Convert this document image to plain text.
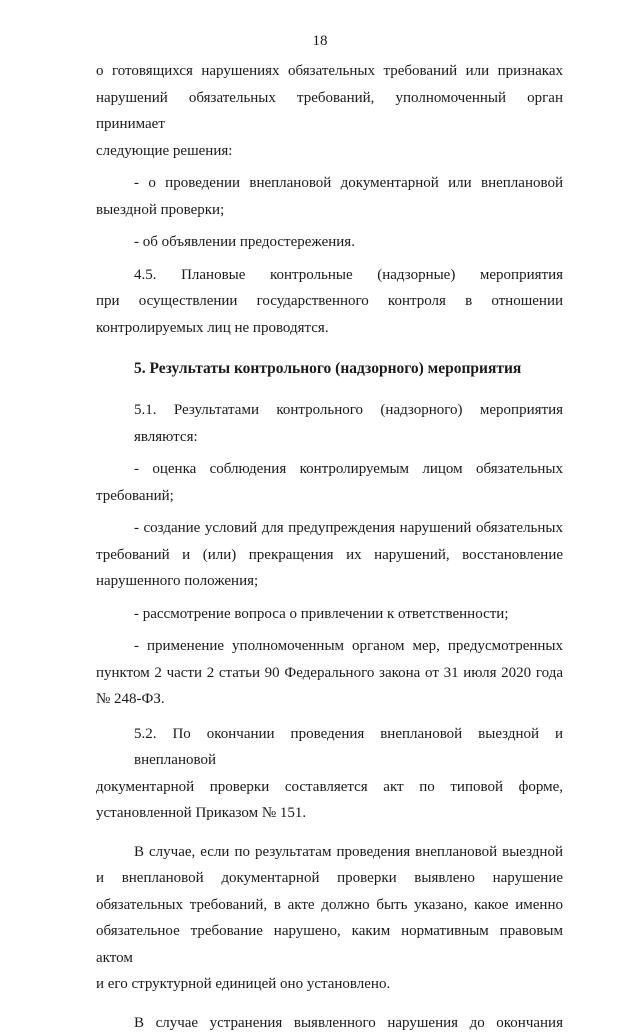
18

о готовящихся нарушениях обязательных требований или признаках

нарушений обязательных требований, уполномоченный орган принимает

следующие решения:

- о проведении внеплановой документарной или внеплановой

выездной проверки;

- об объявлении предостережения.

4.5. Плановые контрольные (надзорные) мероприятия

при осуществлении государственного контроля в отношении

контролируемых лиц не проводятся.

5. Результаты контрольного (надзорного) мероприятия

5.1. Результатами контрольного (надзорного) мероприятия являются:

- оценка соблюдения контролируемым лицом обязательных

требований;

- создание условий для предупреждения нарушений обязательных

требований и (или) прекращения их нарушений, восстановление

нарушенного положения;

- рассмотрение вопроса о привлечении к ответственности;

- применение уполномоченным органом мер, предусмотренных

пунктом 2 части 2 статьи 90 Федерального закона от 31 июля 2020 года

№ 248-ФЗ.

5.2. По окончании проведения внеплановой выездной и внеплановой

документарной проверки составляется акт по типовой форме,

установленной Приказом № 151.

В случае, если по результатам проведения внеплановой выездной

и внеплановой документарной проверки выявлено нарушение

обязательных требований, в акте должно быть указано, какое именно

обязательное требование нарушено, каким нормативным правовым актом

и его структурной единицей оно установлено.

В случае устранения выявленного нарушения до окончания
